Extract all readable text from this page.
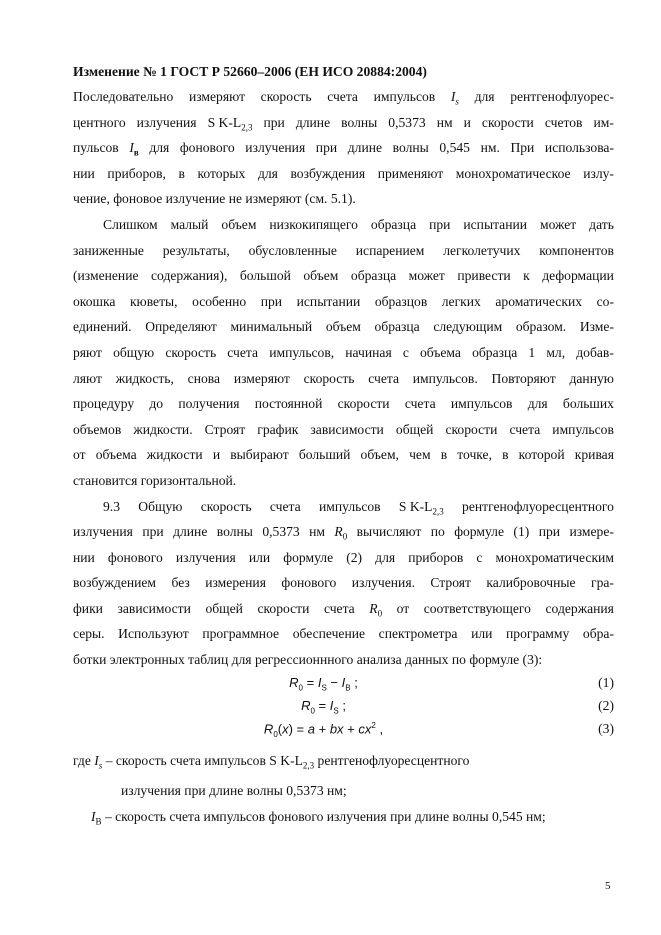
Изменение № 1 ГОСТ Р 52660–2006 (ЕН ИСО 20884:2004)

Последовательно измеряют скорость счета импульсов $I_s$ для рентгенофлуорес-
центного излучения S $K-L_{2,3}$ при длине волны 0,5373 нм и скорости счетов им-
пульсов $I_в$ для фонового излучения при длине волны 0,545 нм. При использова-
нии приборов, в которых для возбуждения применяют монохроматическое излу-
чение, фоновое излучение не измеряют (см. 5.1).
Слишком малый объем низкокипящего образца при испытании может дать
заниженные результаты, обусловленные испарением легколетучих компонентов
(изменение содержания), большой объем образца может привести к деформации
окошка кюветы, особенно при испытании образцов легких ароматических со-
единений. Определяют минимальный объем образца следующим образом. Изме-
ряют общую скорость счета импульсов, начиная с объема образца 1 мл, добав-
ляют жидкость, снова измеряют скорость счета импульсов. Повторяют данную
процедуру до получения постоянной скорости счета импульсов для больших
объемов жидкости. Строят график зависимости общей скорости счета импульсов
от объема жидкости и выбирают больший объем, чем в точке, в которой кривая
становится горизонтальной.
9.3 Общую скорость счета импульсов S $K-L_{2,3}$ рентгенофлуоресцентного
излучения при длине волны 0,5373 нм $R_0$ вычисляют по формуле (1) при измере-
нии фонового излучения или формуле (2) для приборов с монохроматическим
возбуждением без измерения фонового излучения. Строят калибровочные гра-
фики зависимости общей скорости счета $R_0$ от соответствующего содержания
серы. Используют программное обеспечение спектрометра или программу обра-
ботки электронных таблиц для регрессионнного анализа данных по формуле (3):
$R_0 = I_S - I_B$ ;	(1)
$R_0 = I_S$ ;	(2)
$R_0(x) = a$ + bx + $cx^2$ ,	(3)
где $I_s$ – скорость счета импульсов S $K-L_{2,3}$ рентгенофлуоресцентного
излучения при длине волны 0,5373 нм;
$I_B$ – скорость счета импульсов фонового излучения при длине волны 0,545 нм;
5
